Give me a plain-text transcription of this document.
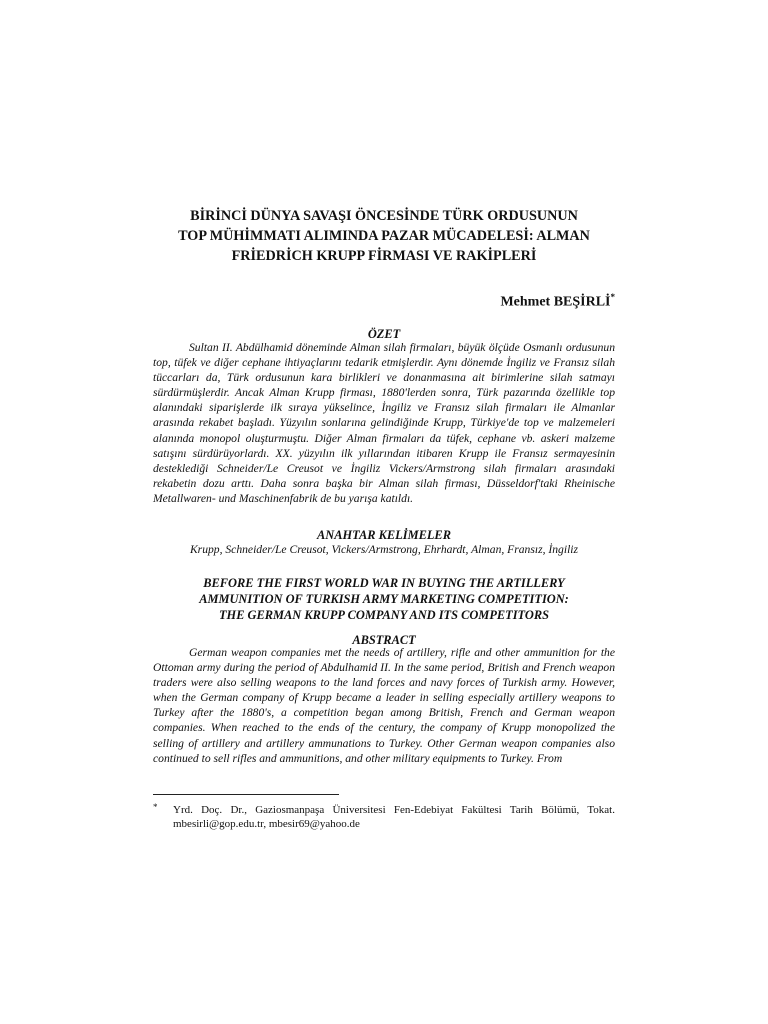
BİRİNCİ DÜNYA SAVAŞI ÖNCESİNDE TÜRK ORDUSUNUN
TOP MÜHİMMATI ALIMINDA PAZAR MÜCADELESİ: ALMAN
FRİEDRİCH KRUPP FİRMASI VE RAKİPLERİ
Mehmet BEŞİRLİ*
ÖZET
Sultan II. Abdülhamid döneminde Alman silah firmaları, büyük ölçüde Osmanlı ordusunun top, tüfek ve diğer cephane ihtiyaçlarını tedarik etmişlerdir. Aynı dönemde İngiliz ve Fransız silah tüccarları da, Türk ordusunun kara birlikleri ve donanmasına ait birimlerine silah satmayı sürdürmüşlerdir. Ancak Alman Krupp firması, 1880'lerden sonra, Türk pazarında özellikle top alanındaki siparişlerde ilk sıraya yükselince, İngiliz ve Fransız silah firmaları ile Almanlar arasında rekabet başladı. Yüzyılın sonlarına gelindiğinde Krupp, Türkiye'de top ve malzemeleri alanında monopol oluşturmuştu. Diğer Alman firmaları da tüfek, cephane vb. askeri malzeme satışını sürdürüyorlardı. XX. yüzyılın ilk yıllarından itibaren Krupp ile Fransız sermayesinin desteklediği Schneider/Le Creusot ve İngiliz Vickers/Armstrong silah firmaları arasındaki rekabetin dozu arttı. Daha sonra başka bir Alman silah firması, Düsseldorf'taki Rheinische Metallwaren- und Maschinenfabrik de bu yarışa katıldı.
ANAHTAR KELİMELER
Krupp, Schneider/Le Creusot, Vickers/Armstrong, Ehrhardt, Alman, Fransız, İngiliz
BEFORE THE FIRST WORLD WAR IN BUYING THE ARTILLERY
AMMUNITION OF TURKISH ARMY MARKETING COMPETITION:
THE GERMAN KRUPP COMPANY AND ITS COMPETITORS
ABSTRACT
German weapon companies met the needs of artillery, rifle and other ammunition for the Ottoman army during the period of Abdulhamid II. In the same period, British and French weapon traders were also selling weapons to the land forces and navy forces of Turkish army. However, when the German company of Krupp became a leader in selling especially artillery weapons to Turkey after the 1880's, a competition began among British, French and German weapon companies. When reached to the ends of the century, the company of Krupp monopolized the selling of artillery and artillery ammunations to Turkey. Other German weapon companies also continued to sell rifles and ammunitions, and other military equipments to Turkey. From
*	Yrd. Doç. Dr., Gaziosmanpaşa Üniversitesi Fen-Edebiyat Fakültesi Tarih Bölümü, Tokat. mbesirli@gop.edu.tr, mbesir69@yahoo.de
